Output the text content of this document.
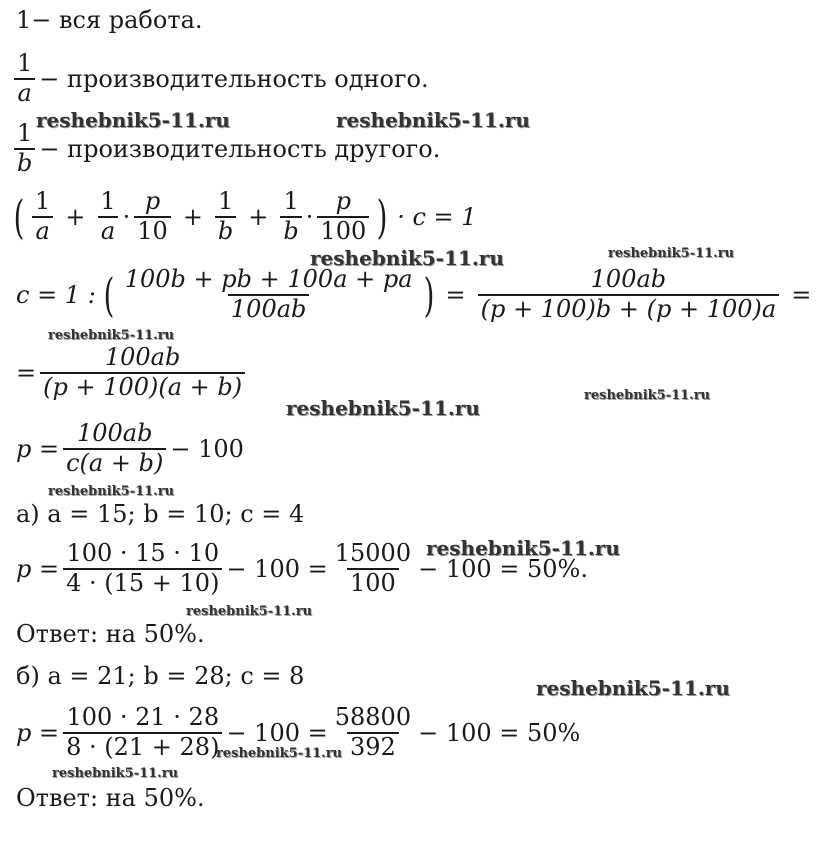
1 − вся работа.
$\frac{1}{a}$ − производительность одного.
$\frac{1}{b}$ − производительность другого.
( $\frac{1}{a} + \frac{1}{a} \cdot \frac{p}{10} + \frac{1}{b} + \frac{1}{b} \cdot \frac{p}{100}$ ) · c = 1
c = 1 : ( $\frac{100b + pb + 100a + pa}{100ab}$ ) = $\frac{100ab}{(p + 100)b + (p + 100)a}$ =
= $\frac{100ab}{(p + 100)(a + b)}$
$p = \frac{100ab}{c(a + b)} - 100$
а) a = 15; b = 10; c = 4
$p = \frac{100 \cdot 15 \cdot 10}{4 \cdot (15 + 10)} - 100 = \frac{15000}{100} - 100 = 50\%$.
Ответ: на 50%.
б) a = 21; b = 28; c = 8
$p = \frac{100 \cdot 21 \cdot 28}{8 \cdot (21 + 28)} - 100 = \frac{58800}{392} - 100 = 50\%$
Ответ: на 50%.
reshebnik5-11.ru	reshebnik5-11.ru
reshebnik5-11.ru	reshebnik5-11.ru
reshebnik5-11.ru
reshebnik5-11.ru
reshebnik5-11.ru
reshebnik5-11.ru
reshebnik5-11.ru
reshebnik5-11.ru
reshebnik5-11.ru
reshebnik5-11.ru
reshebnik5-11.ru
